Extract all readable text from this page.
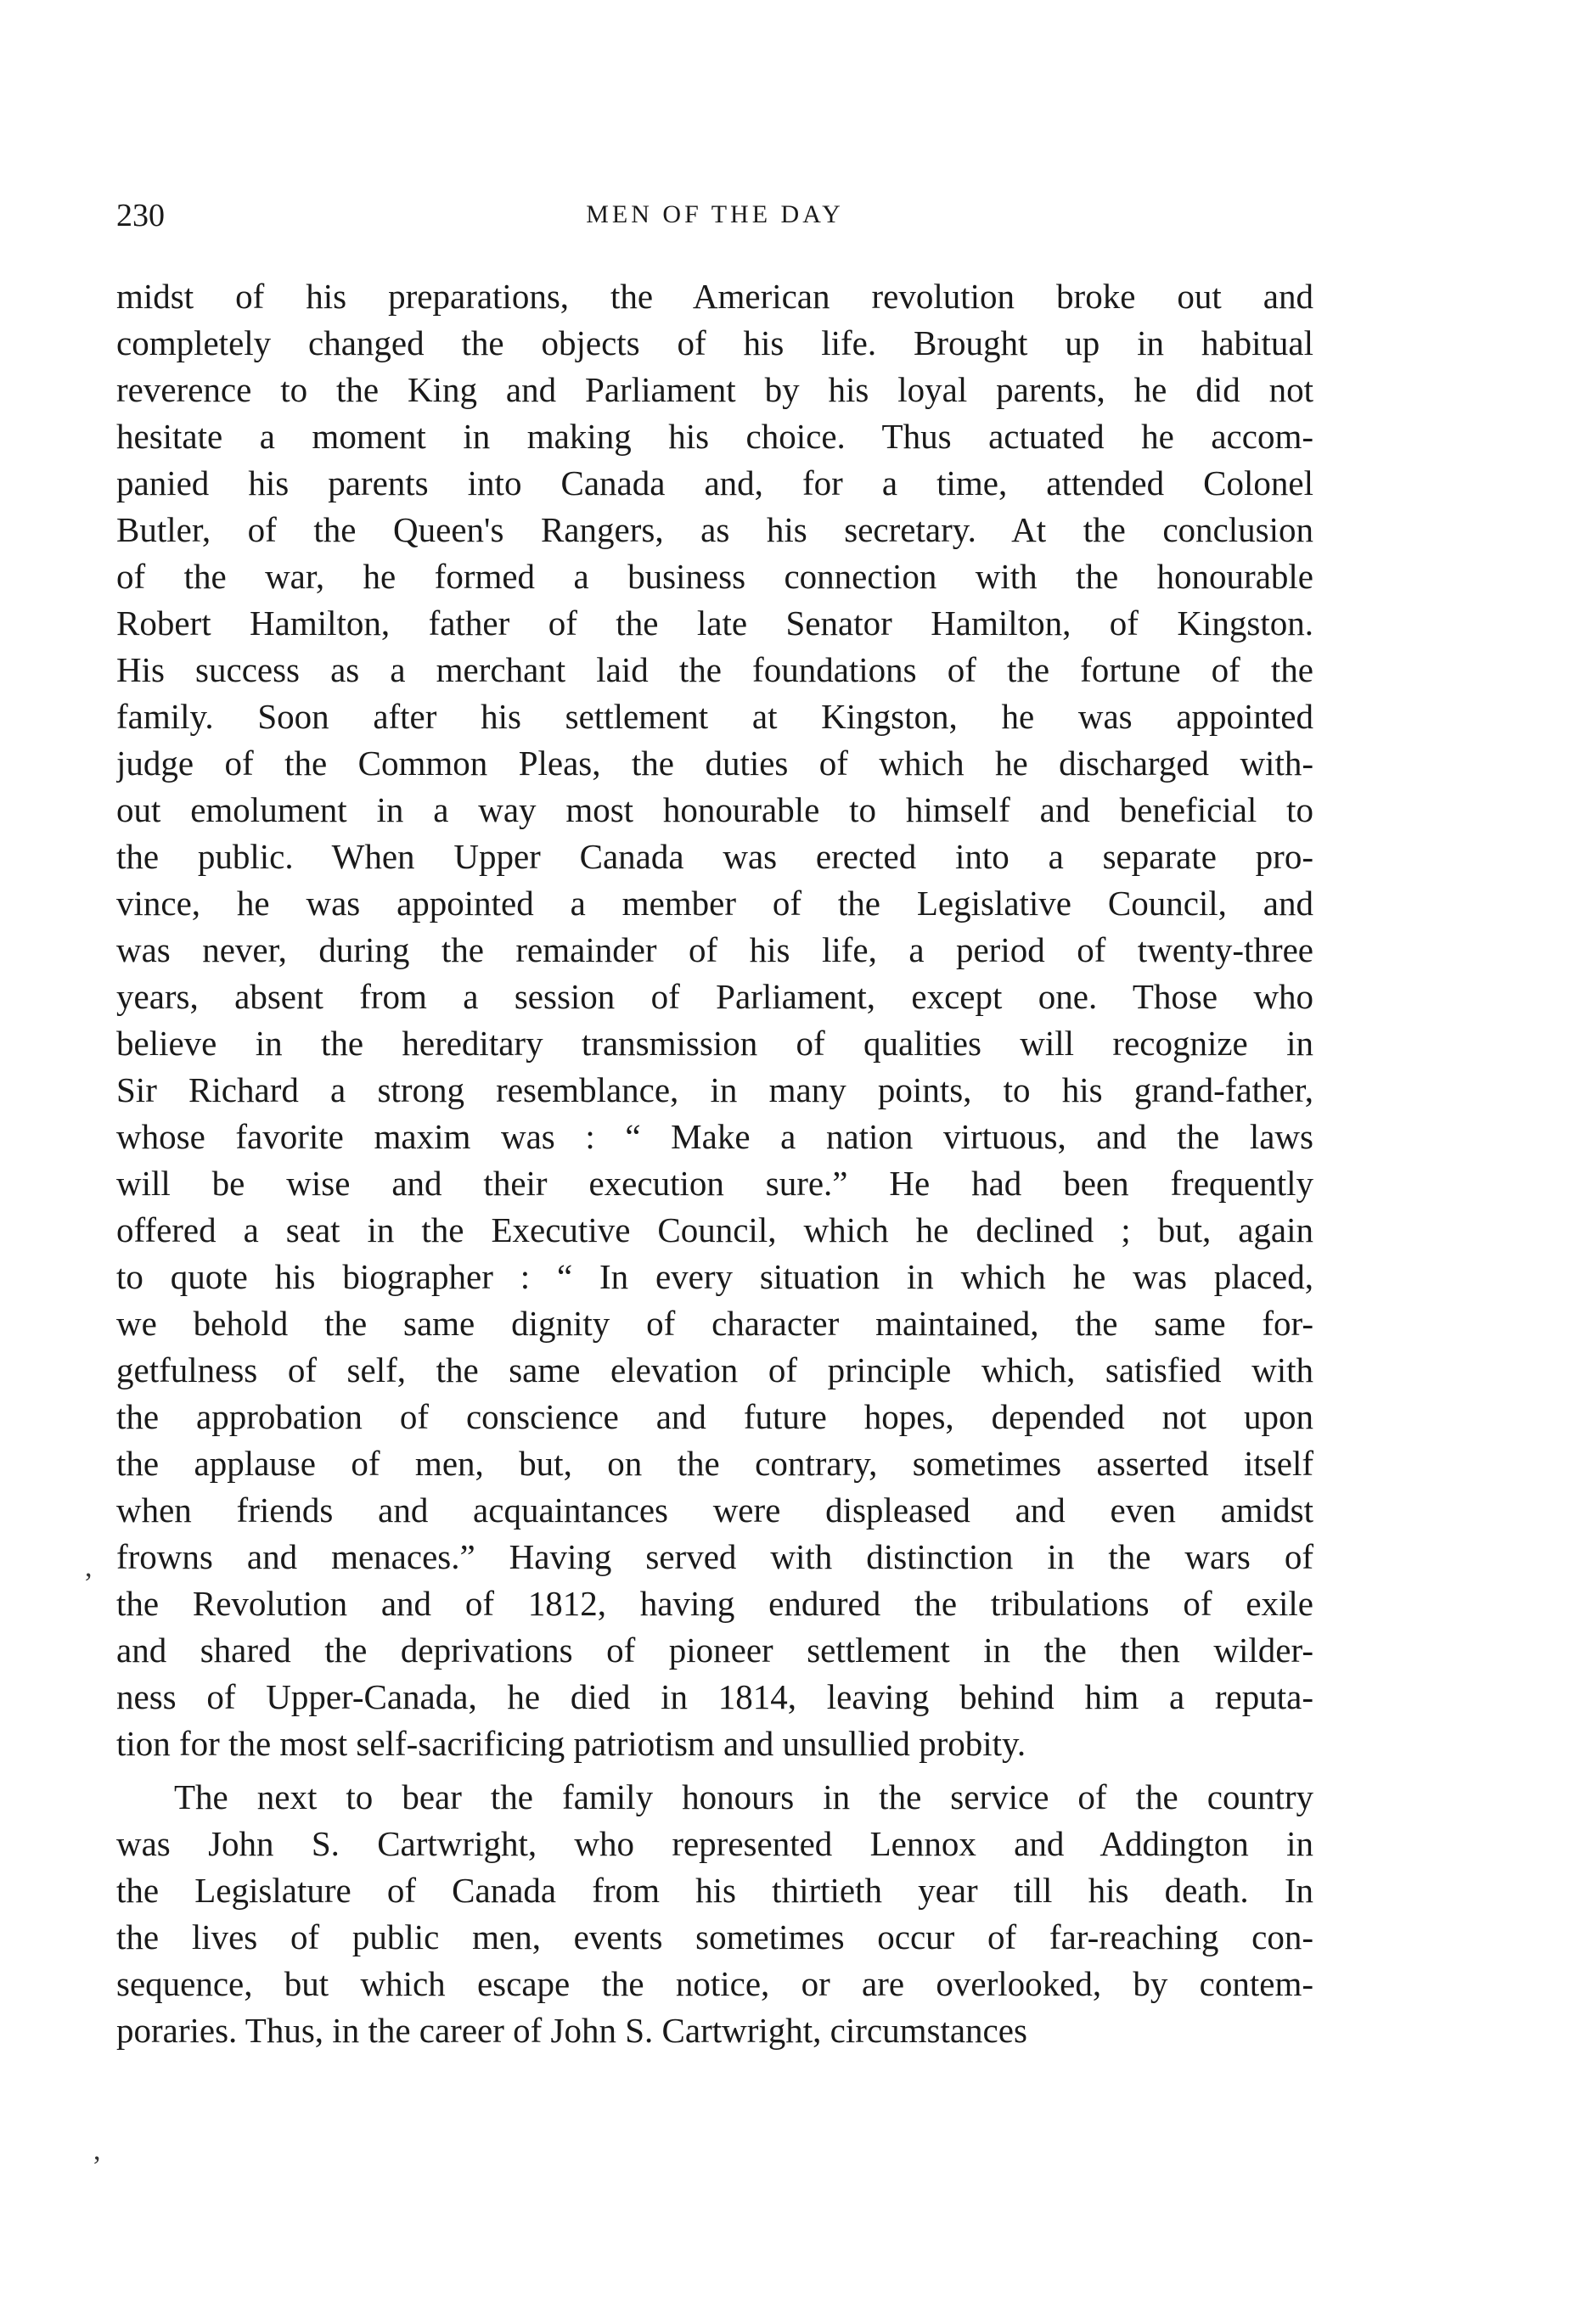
230	MEN OF THE DAY
midst of his preparations, the American revolution broke out and
completely changed the objects of his life. Brought up in habitual
reverence to the King and Parliament by his loyal parents, he did not
hesitate a moment in making his choice. Thus actuated he accom-
panied his parents into Canada and, for a time, attended Colonel
Butler, of the Queen's Rangers, as his secretary. At the conclusion
of the war, he formed a business connection with the honourable
Robert Hamilton, father of the late Senator Hamilton, of Kingston.
His success as a merchant laid the foundations of the fortune of the
family. Soon after his settlement at Kingston, he was appointed
judge of the Common Pleas, the duties of which he discharged with-
out emolument in a way most honourable to himself and beneficial to
the public. When Upper Canada was erected into a separate pro-
vince, he was appointed a member of the Legislative Council, and
was never, during the remainder of his life, a period of twenty-three
years, absent from a session of Parliament, except one. Those who
believe in the hereditary transmission of qualities will recognize in
Sir Richard a strong resemblance, in many points, to his grand-father,
whose favorite maxim was : “ Make a nation virtuous, and the laws
will be wise and their execution sure.” He had been frequently
offered a seat in the Executive Council, which he declined ; but, again
to quote his biographer : “ In every situation in which he was placed,
we behold the same dignity of character maintained, the same for-
getfulness of self, the same elevation of principle which, satisfied with
the approbation of conscience and future hopes, depended not upon
the applause of men, but, on the contrary, sometimes asserted itself
when friends and acquaintances were displeased and even amidst
frowns and menaces.” Having served with distinction in the wars of
the Revolution and of 1812, having endured the tribulations of exile
and shared the deprivations of pioneer settlement in the then wilder-
ness of Upper-Canada, he died in 1814, leaving behind him a reputa-
tion for the most self-sacrificing patriotism and unsullied probity.
The next to bear the family honours in the service of the country
was John S. Cartwright, who represented Lennox and Addington in
the Legislature of Canada from his thirtieth year till his death. In
the lives of public men, events sometimes occur of far-reaching con-
sequence, but which escape the notice, or are overlooked, by contem-
poraries. Thus, in the career of John S. Cartwright, circumstances
,
,
